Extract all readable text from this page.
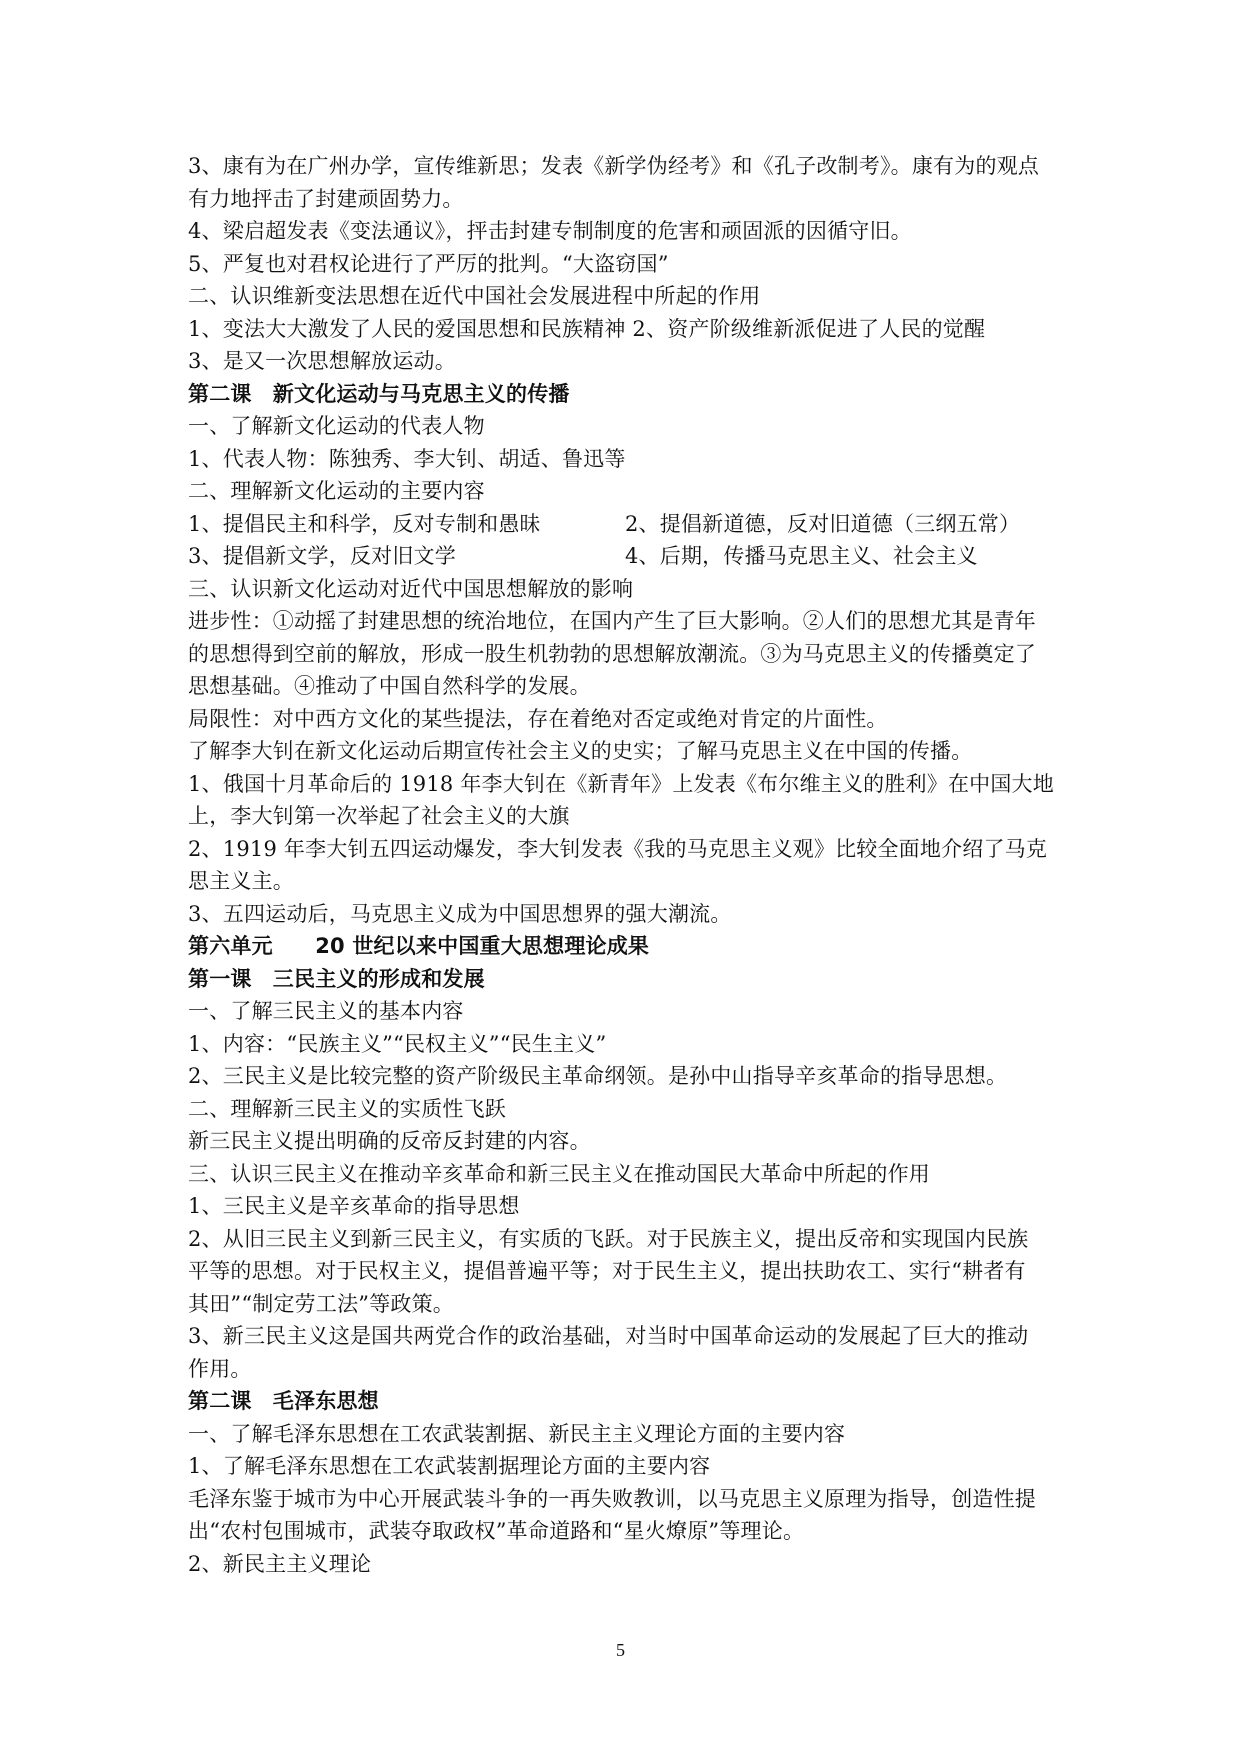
3、康有为在广州办学，宣传维新思；发表《新学伪经考》和《孔子改制考》。康有为的观点
有力地抨击了封建顽固势力。
4、梁启超发表《变法通议》，抨击封建专制制度的危害和顽固派的因循守旧。
5、严复也对君权论进行了严厉的批判。“大盗窃国”
二、认识维新变法思想在近代中国社会发展进程中所起的作用
1、变法大大激发了人民的爱国思想和民族精神 2、资产阶级维新派促进了人民的觉醒
3、是又一次思想解放运动。
第二课　新文化运动与马克思主义的传播
一、了解新文化运动的代表人物
1、代表人物：陈独秀、李大钊、胡适、鲁迅等
二、理解新文化运动的主要内容
1、提倡民主和科学，反对专制和愚昧	2、提倡新道德，反对旧道德（三纲五常）
3、提倡新文学，反对旧文学	4、后期，传播马克思主义、社会主义
三、认识新文化运动对近代中国思想解放的影响
进步性：①动摇了封建思想的统治地位，在国内产生了巨大影响。②人们的思想尤其是青年
的思想得到空前的解放，形成一股生机勃勃的思想解放潮流。③为马克思主义的传播奠定了
思想基础。④推动了中国自然科学的发展。
局限性：对中西方文化的某些提法，存在着绝对否定或绝对肯定的片面性。
了解李大钊在新文化运动后期宣传社会主义的史实；了解马克思主义在中国的传播。
1、俄国十月革命后的 1918 年李大钊在《新青年》上发表《布尔维主义的胜利》在中国大地
上，李大钊第一次举起了社会主义的大旗
2、1919 年李大钊五四运动爆发，李大钊发表《我的马克思主义观》比较全面地介绍了马克
思主义主。
3、五四运动后，马克思主义成为中国思想界的强大潮流。
第六单元　　20 世纪以来中国重大思想理论成果
第一课　三民主义的形成和发展
一、了解三民主义的基本内容
1、内容：“民族主义”“民权主义”“民生主义”
2、三民主义是比较完整的资产阶级民主革命纲领。是孙中山指导辛亥革命的指导思想。
二、理解新三民主义的实质性飞跃
新三民主义提出明确的反帝反封建的内容。
三、认识三民主义在推动辛亥革命和新三民主义在推动国民大革命中所起的作用
1、三民主义是辛亥革命的指导思想
2、从旧三民主义到新三民主义，有实质的飞跃。对于民族主义，提出反帝和实现国内民族
平等的思想。对于民权主义，提倡普遍平等；对于民生主义，提出扶助农工、实行“耕者有
其田”“制定劳工法”等政策。
3、新三民主义这是国共两党合作的政治基础，对当时中国革命运动的发展起了巨大的推动
作用。
第二课　毛泽东思想
一、了解毛泽东思想在工农武装割据、新民主主义理论方面的主要内容
1、了解毛泽东思想在工农武装割据理论方面的主要内容
毛泽东鉴于城市为中心开展武装斗争的一再失败教训，以马克思主义原理为指导，创造性提
出“农村包围城市，武装夺取政权”革命道路和“星火燎原”等理论。
2、新民主主义理论
5
